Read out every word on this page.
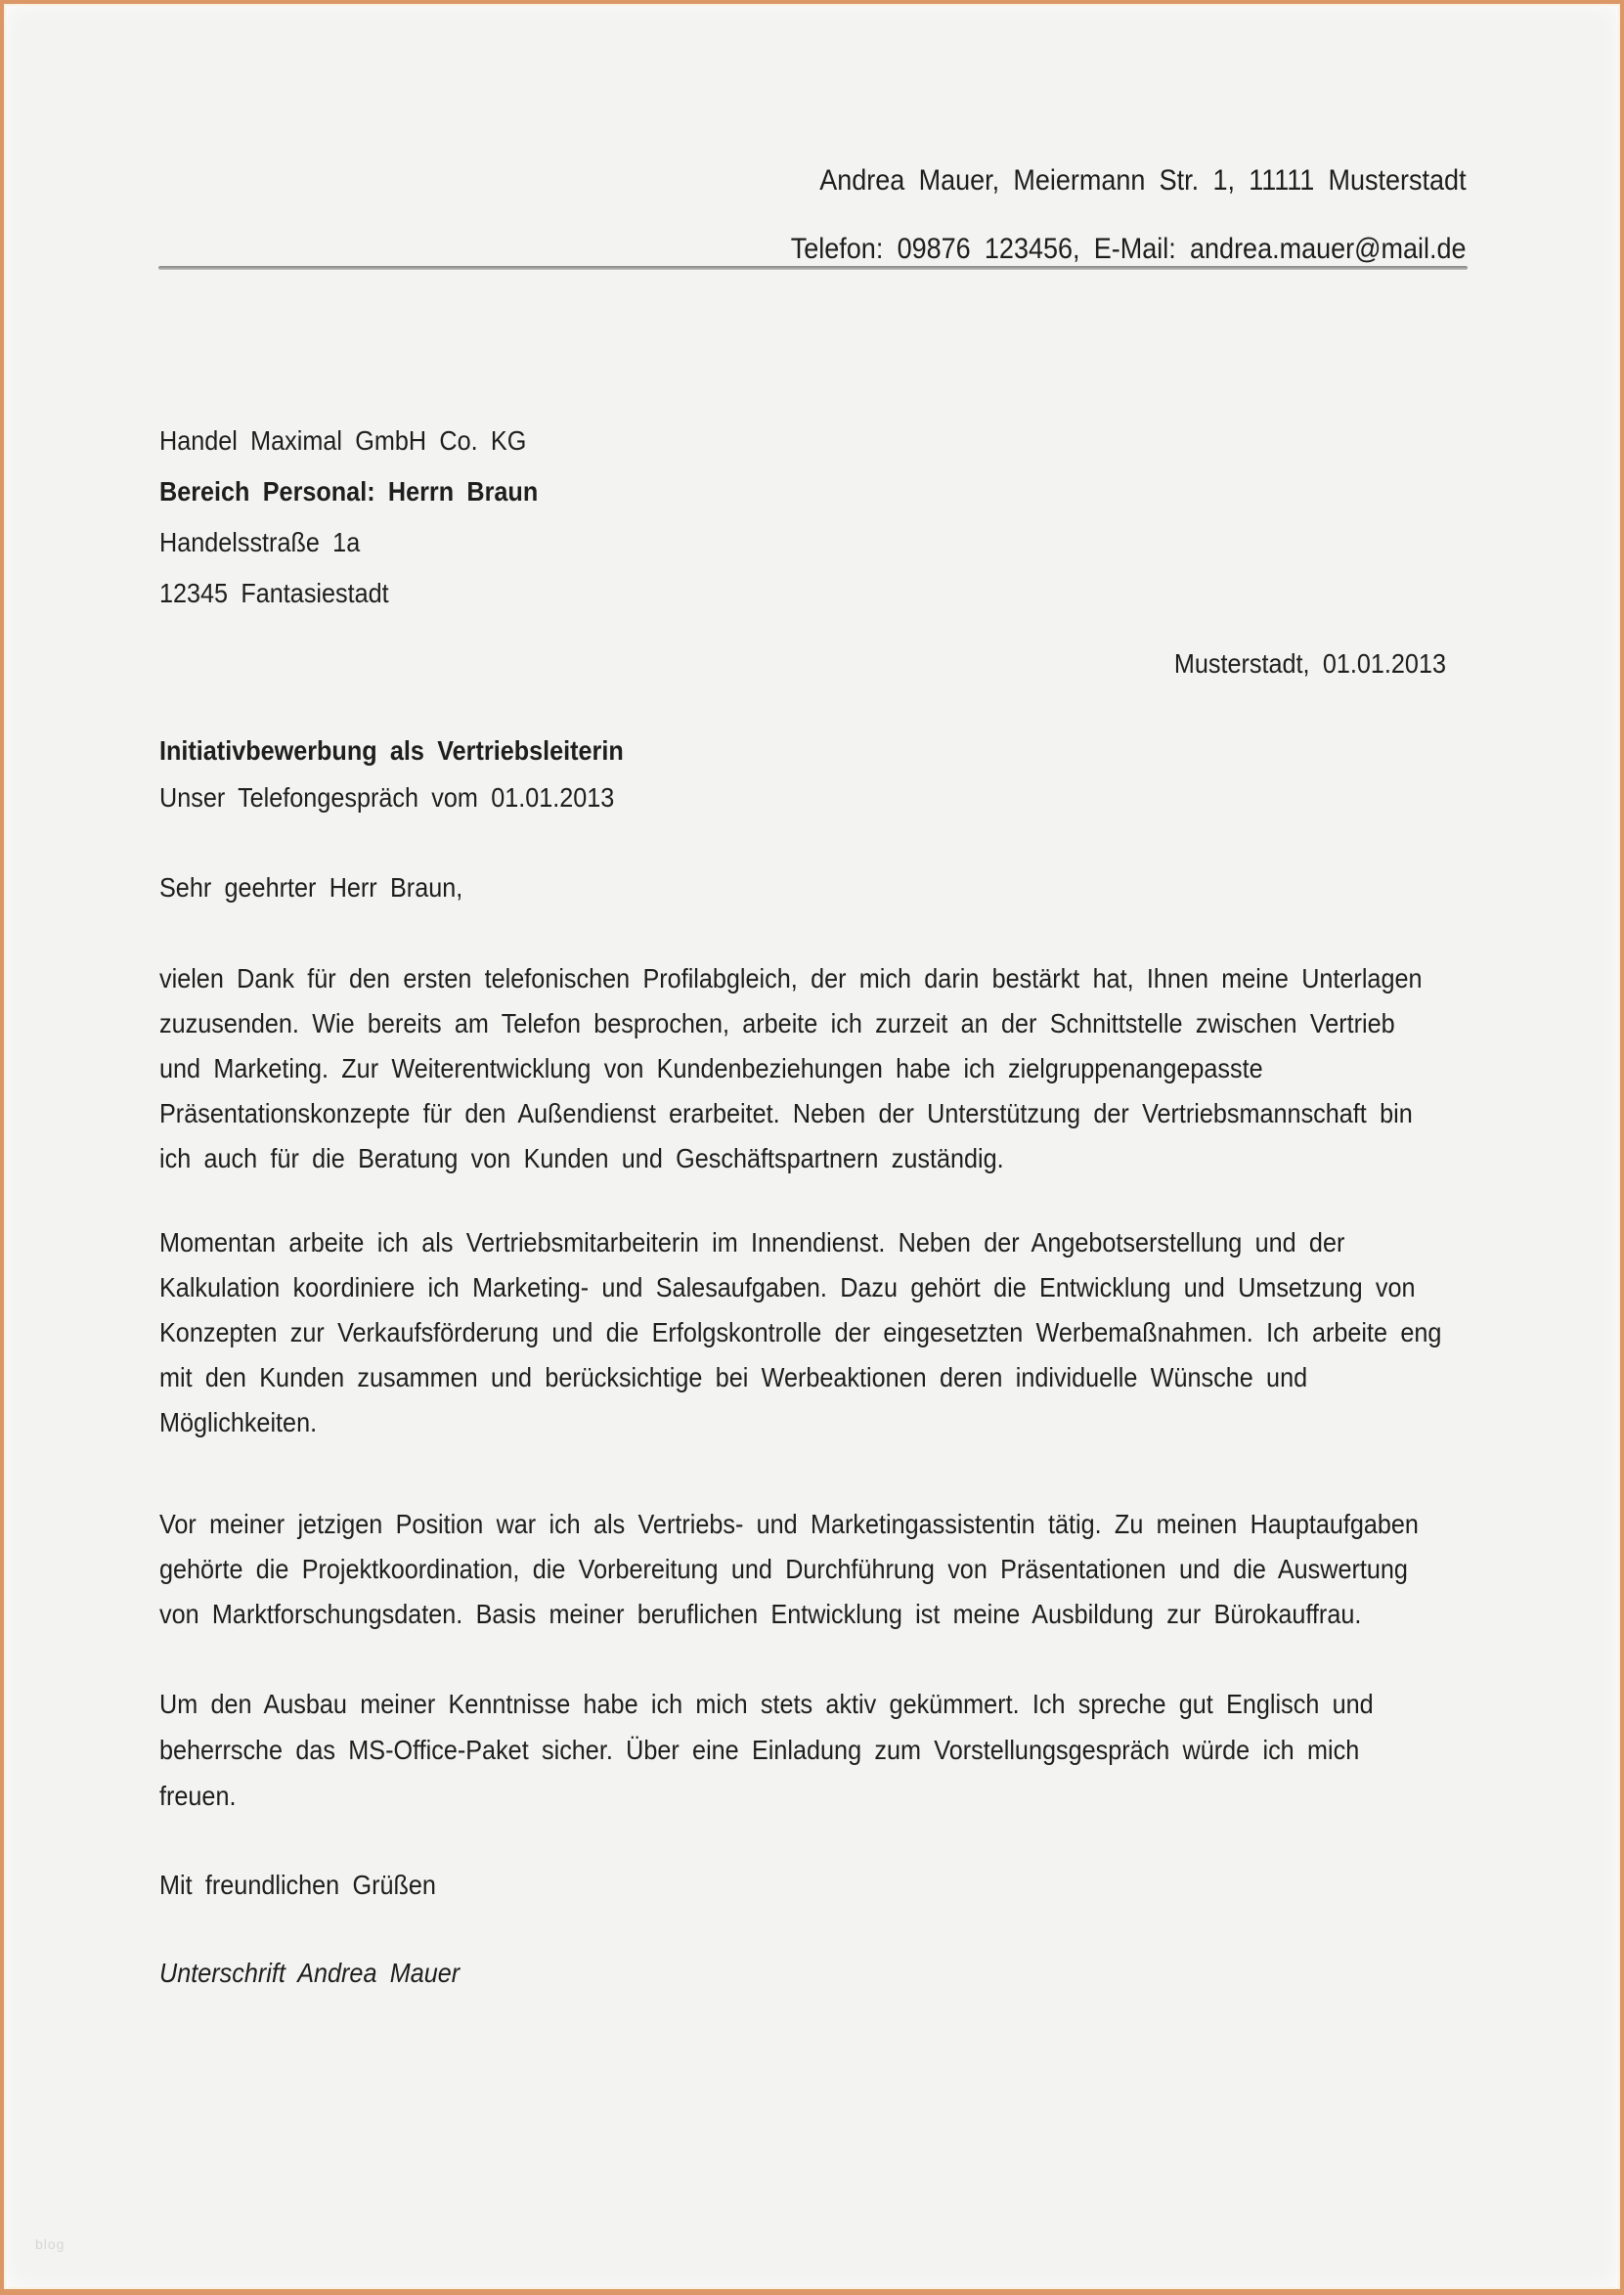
Andrea Mauer, Meiermann Str. 1, 11111 Musterstadt
Telefon: 09876 123456, E-Mail: andrea.mauer@mail.de
Handel Maximal GmbH Co. KG
Bereich Personal: Herrn Braun
Handelsstraße 1a
12345 Fantasiestadt
Musterstadt, 01.01.2013
Initiativbewerbung als Vertriebsleiterin
Unser Telefongespräch vom 01.01.2013
Sehr geehrter Herr Braun,
vielen Dank für den ersten telefonischen Profilabgleich, der mich darin bestärkt hat, Ihnen meine Unterlagen
zuzusenden. Wie bereits am Telefon besprochen, arbeite ich zurzeit an der Schnittstelle zwischen Vertrieb
und Marketing. Zur Weiterentwicklung von Kundenbeziehungen habe ich zielgruppenangepasste
Präsentationskonzepte für den Außendienst erarbeitet. Neben der Unterstützung der Vertriebsmannschaft bin
ich auch für die Beratung von Kunden und Geschäftspartnern zuständig.
Momentan arbeite ich als Vertriebsmitarbeiterin im Innendienst. Neben der Angebotserstellung und der
Kalkulation koordiniere ich Marketing- und Salesaufgaben. Dazu gehört die Entwicklung und Umsetzung von
Konzepten zur Verkaufsförderung und die Erfolgskontrolle der eingesetzten Werbemaßnahmen. Ich arbeite eng
mit den Kunden zusammen und berücksichtige bei Werbeaktionen deren individuelle Wünsche und
Möglichkeiten.
Vor meiner jetzigen Position war ich als Vertriebs- und Marketingassistentin tätig. Zu meinen Hauptaufgaben
gehörte die Projektkoordination, die Vorbereitung und Durchführung von Präsentationen und die Auswertung
von Marktforschungsdaten. Basis meiner beruflichen Entwicklung ist meine Ausbildung zur Bürokauffrau.
Um den Ausbau meiner Kenntnisse habe ich mich stets aktiv gekümmert. Ich spreche gut Englisch und
beherrsche das MS-Office-Paket sicher. Über eine Einladung zum Vorstellungsgespräch würde ich mich
freuen.
Mit freundlichen Grüßen
Unterschrift Andrea Mauer
blog
